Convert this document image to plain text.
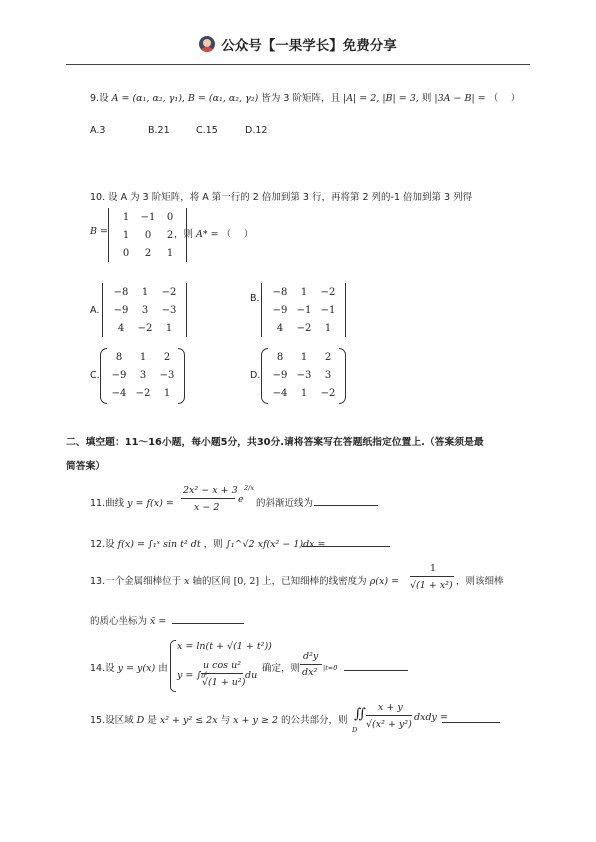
公众号【一果学长】免费分享
9.设 A = (α₁, α₂, γ₁), B = (α₁, α₂, γ₂) 皆为 3 阶矩阵，且 |A| = 2, |B| = 3, 则 |3A − B| = （　 ）
A.3	B.21	C.15	D.12
10. 设 A 为 3 阶矩阵，将 A 第一行的 2 倍加到第 3 行，再将第 2 列的-1 倍加到第 3 列得
B =
1	−1	0
1	0	2
0	2	1
，则 A* = （　 ）
A.
−8	1	−2
−9	3	−3
4	−2	1
B.
−8	1	−2
−9 −1 −1
4	−2	1
C.
8	1	2
−9	3	−3
−4 −2	1
D.
8	1	2
−9 −3	3
−4	1	−2
二、填空题：11～16小题，每小题5分，共30分.请将答案写在答题纸指定位置上.（答案须是最
简答案）
11.曲线 y = f(x) =
2x² − x + 3
x − 2
e
2/x
的斜渐近线为
12.设 f(x) = ∫₁ˣ sin t² dt ，则 ∫₁^√2 xf(x² − 1)dx =
13.一个金属细棒位于 x 轴的区间 [0, 2] 上，已知细棒的线密度为 ρ(x) =
1
√(1 + x²) ，则该细棒
的质心坐标为 x̄ =
14.设 y = y(x) 由
x = ln(t + √(1 + t²))
y = ∫₀ᵗ
u cos u²
√(1 + u²)
du
确定，则
d²y
dx² |t=0
15.设区域 D 是 x² + y² ≤ 2x 与 x + y ≥ 2 的公共部分，则 ∬
D
x + y
√(x² + y²)
dxdy =
